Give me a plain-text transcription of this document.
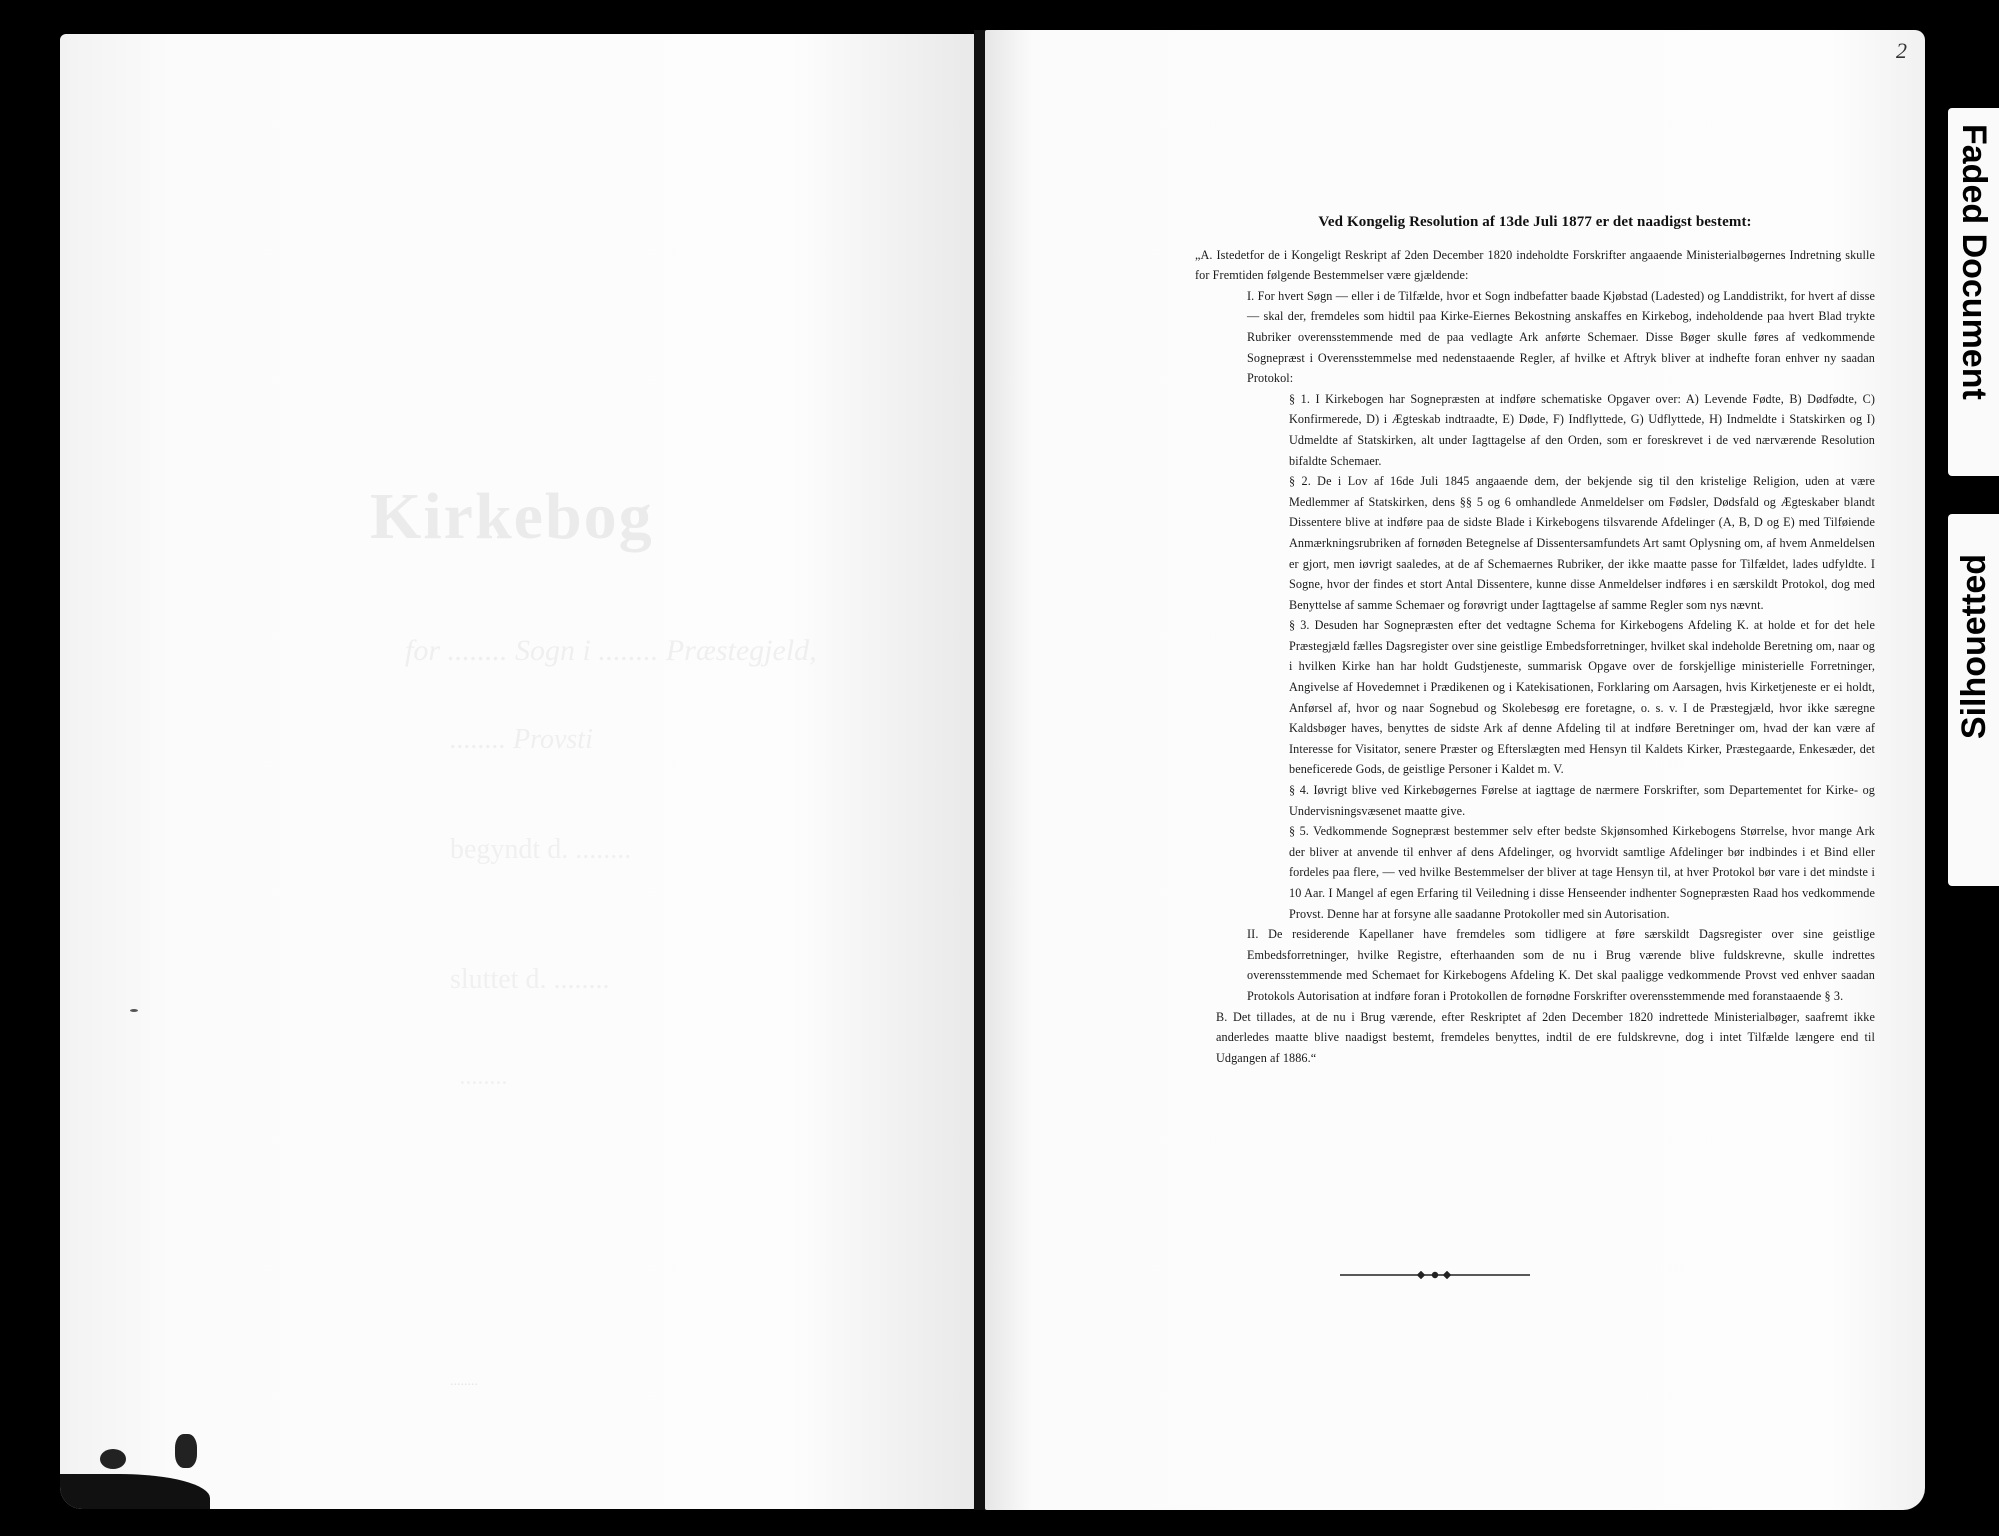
Kirkebog
for ........ Sogn i ........ Præstegjeld,
........ Provsti
begyndt d. ........
sluttet d. ........
........
........
2
Ved Kongelig Resolution af 13de Juli 1877 er det naadigst bestemt:
„A. Istedetfor de i Kongeligt Reskript af 2den December 1820 indeholdte Forskrifter angaaende Ministerialbøgernes Indretning skulle for Fremtiden følgende Bestemmelser være gjældende:
I. For hvert Søgn — eller i de Tilfælde, hvor et Sogn indbefatter baade Kjøbstad (Ladested) og Landdistrikt, for hvert af disse — skal der, fremdeles som hidtil paa Kirke-Eiernes Bekostning anskaffes en Kirkebog, indeholdende paa hvert Blad trykte Rubriker overensstemmende med de paa vedlagte Ark anførte Schemaer. Disse Bøger skulle føres af vedkommende Sognepræst i Overensstemmelse med nedenstaaende Regler, af hvilke et Aftryk bliver at indhefte foran enhver ny saadan Protokol:
§ 1. I Kirkebogen har Sognepræsten at indføre schematiske Opgaver over: A) Levende Fødte, B) Dødfødte, C) Konfirmerede, D) i Ægteskab indtraadte, E) Døde, F) Indflyttede, G) Udflyttede, H) Indmeldte i Statskirken og I) Udmeldte af Statskirken, alt under Iagttagelse af den Orden, som er foreskrevet i de ved nærværende Resolution bifaldte Schemaer.
§ 2. De i Lov af 16de Juli 1845 angaaende dem, der bekjende sig til den kristelige Religion, uden at være Medlemmer af Statskirken, dens §§ 5 og 6 omhandlede Anmeldelser om Fødsler, Dødsfald og Ægteskaber blandt Dissentere blive at indføre paa de sidste Blade i Kirkebogens tilsvarende Afdelinger (A, B, D og E) med Tilføiende Anmærkningsrubriken af fornøden Betegnelse af Dissentersamfundets Art samt Oplysning om, af hvem Anmeldelsen er gjort, men iøvrigt saaledes, at de af Schemaernes Rubriker, der ikke maatte passe for Tilfældet, lades udfyldte. I Sogne, hvor der findes et stort Antal Dissentere, kunne disse Anmeldelser indføres i en særskildt Protokol, dog med Benyttelse af samme Schemaer og forøvrigt under Iagttagelse af samme Regler som nys nævnt.
§ 3. Desuden har Sognepræsten efter det vedtagne Schema for Kirkebogens Afdeling K. at holde et for det hele Præstegjæld fælles Dagsregister over sine geistlige Embedsforretninger, hvilket skal indeholde Beretning om, naar og i hvilken Kirke han har holdt Gudstjeneste, summarisk Opgave over de forskjellige ministerielle Forretninger, Angivelse af Hovedemnet i Prædikenen og i Katekisationen, Forklaring om Aarsagen, hvis Kirketjeneste er ei holdt, Anførsel af, hvor og naar Sognebud og Skolebesøg ere foretagne, o. s. v. I de Præstegjæld, hvor ikke særegne Kaldsbøger haves, benyttes de sidste Ark af denne Afdeling til at indføre Beretninger om, hvad der kan være af Interesse for Visitator, senere Præster og Efterslægten med Hensyn til Kaldets Kirker, Præstegaarde, Enkesæder, det beneficerede Gods, de geistlige Personer i Kaldet m. V.
§ 4. Iøvrigt blive ved Kirkebøgernes Førelse at iagttage de nærmere Forskrifter, som Departementet for Kirke- og Undervisningsvæsenet maatte give.
§ 5. Vedkommende Sognepræst bestemmer selv efter bedste Skjønsomhed Kirkebogens Størrelse, hvor mange Ark der bliver at anvende til enhver af dens Afdelinger, og hvorvidt samtlige Afdelinger bør indbindes i et Bind eller fordeles paa flere, — ved hvilke Bestemmelser der bliver at tage Hensyn til, at hver Protokol bør vare i det mindste i 10 Aar. I Mangel af egen Erfaring til Veiledning i disse Henseender indhenter Sognepræsten Raad hos vedkommende Provst. Denne har at forsyne alle saadanne Protokoller med sin Autorisation.
II. De residerende Kapellaner have fremdeles som tidligere at føre særskildt Dagsregister over sine geistlige Embedsforretninger, hvilke Registre, efterhaanden som de nu i Brug værende blive fuldskrevne, skulle indrettes overensstemmende med Schemaet for Kirkebogens Afdeling K. Det skal paaligge vedkommende Provst ved enhver saadan Protokols Autorisation at indføre foran i Protokollen de fornødne Forskrifter overensstemmende med foranstaaende § 3.
B. Det tillades, at de nu i Brug værende, efter Reskriptet af 2den December 1820 indrettede Ministerialbøger, saafremt ikke anderledes maatte blive naadigst bestemt, fremdeles benyttes, indtil de ere fuldskrevne, dog i intet Tilfælde længere end til Udgangen af 1886.“
Faded Document
Silhouetted
